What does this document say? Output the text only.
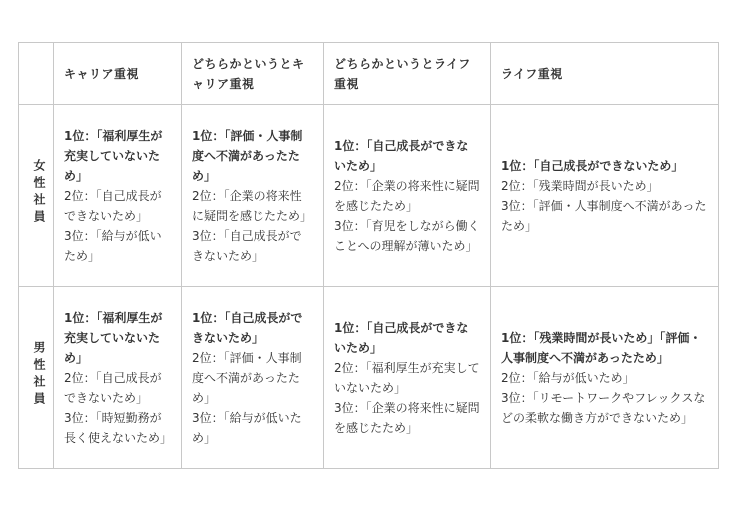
	キャリア重視	どちらかというとキャリア重視	どちらかというとライフ重視	ライフ重視
女性社員	1位：「福利厚生が充実していないため」
2位：「自己成長ができないため」
3位：「給与が低いため」	1位：「評価・人事制度へ不満があったため」
2位：「企業の将来性に疑問を感じたため」
3位：「自己成長ができないため」	1位：「自己成長ができないため」
2位：「企業の将来性に疑問を感じたため」
3位：「育児をしながら働くことへの理解が薄いため」	1位：「自己成長ができないため」
2位：「残業時間が長いため」
3位：「評価・人事制度へ不満があったため」

男性社員	1位：「福利厚生が充実していないため」
2位：「自己成長ができないため」
3位：「時短勤務が長く使えないため」	1位：「自己成長ができないため」
2位：「評価・人事制度へ不満があったため」
3位：「給与が低いため」	1位：「自己成長ができないため」
2位：「福利厚生が充実していないため」
3位：「企業の将来性に疑問を感じたため」	1位：「残業時間が長いため」「評価・人事制度へ不満があったため」
2位：「給与が低いため」
3位：「リモートワークやフレックスなどの柔軟な働き方ができないため」
